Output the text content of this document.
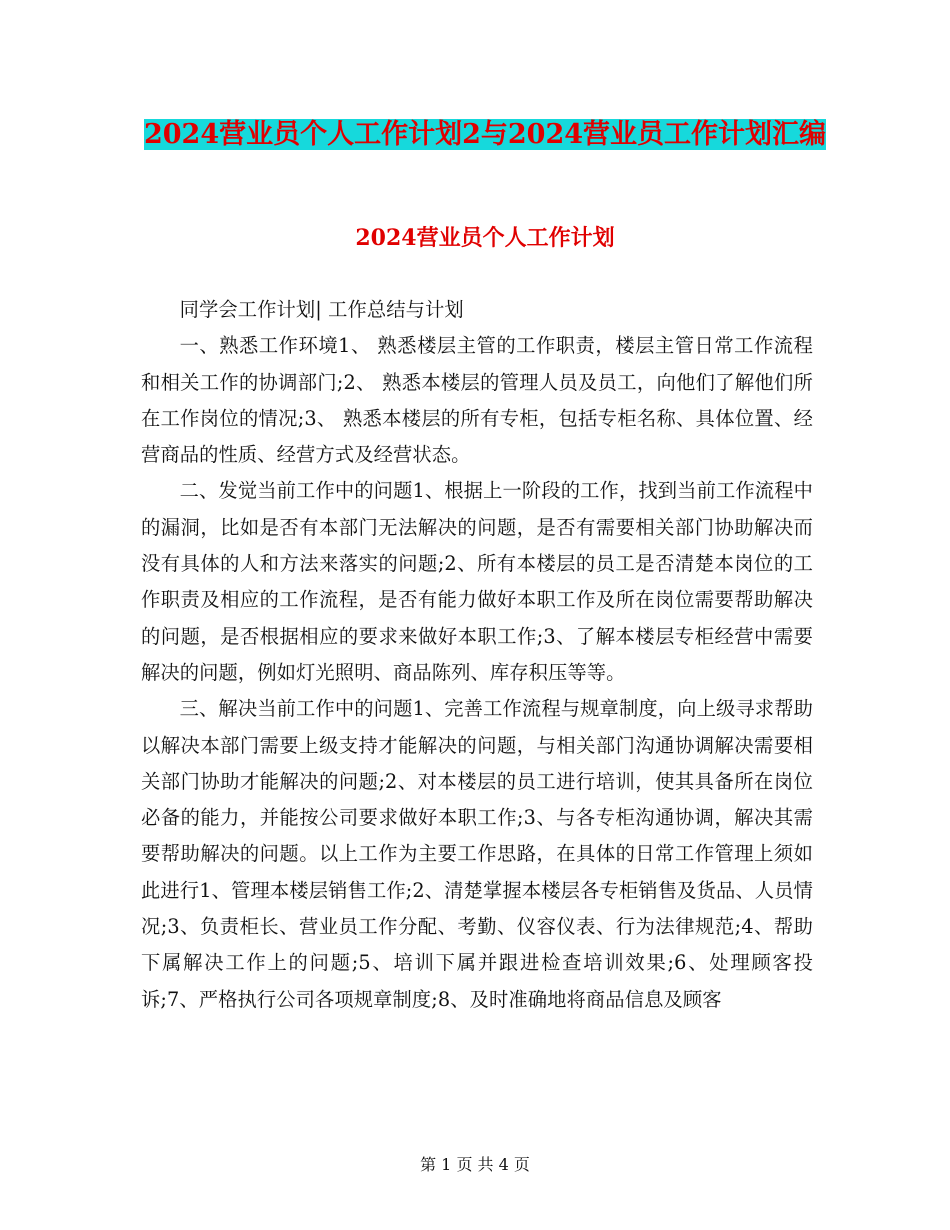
2024营业员个人工作计划2与2024营业员工作计划汇编
2024营业员个人工作计划

同学会工作计划| 工作总结与计划

一、熟悉工作环境1、 熟悉楼层主管的工作职责，楼层主管日常工作流程和相关工作的协调部门;2、 熟悉本楼层的管理人员及员工，向他们了解他们所在工作岗位的情况;3、 熟悉本楼层的所有专柜，包括专柜名称、具体位置、经营商品的性质、经营方式及经营状态。

二、发觉当前工作中的问题1、根据上一阶段的工作，找到当前工作流程中的漏洞，比如是否有本部门无法解决的问题，是否有需要相关部门协助解决而没有具体的人和方法来落实的问题;2、所有本楼层的员工是否清楚本岗位的工作职责及相应的工作流程，是否有能力做好本职工作及所在岗位需要帮助解决的问题，是否根据相应的要求来做好本职工作;3、了解本楼层专柜经营中需要解决的问题，例如灯光照明、商品陈列、库存积压等等。

三、解决当前工作中的问题1、完善工作流程与规章制度，向上级寻求帮助以解决本部门需要上级支持才能解决的问题，与相关部门沟通协调解决需要相关部门协助才能解决的问题;2、对本楼层的员工进行培训，使其具备所在岗位必备的能力，并能按公司要求做好本职工作;3、与各专柜沟通协调，解决其需要帮助解决的问题。以上工作为主要工作思路，在具体的日常工作管理上须如此进行1、管理本楼层销售工作;2、清楚掌握本楼层各专柜销售及货品、人员情况;3、负责柜长、营业员工作分配、考勤、仪容仪表、行为法律规范;4、帮助下属解决工作上的问题;5、培训下属并跟进检查培训效果;6、处理顾客投诉;7、严格执行公司各项规章制度;8、及时准确地将商品信息及顾客

第 1 页 共 4 页
